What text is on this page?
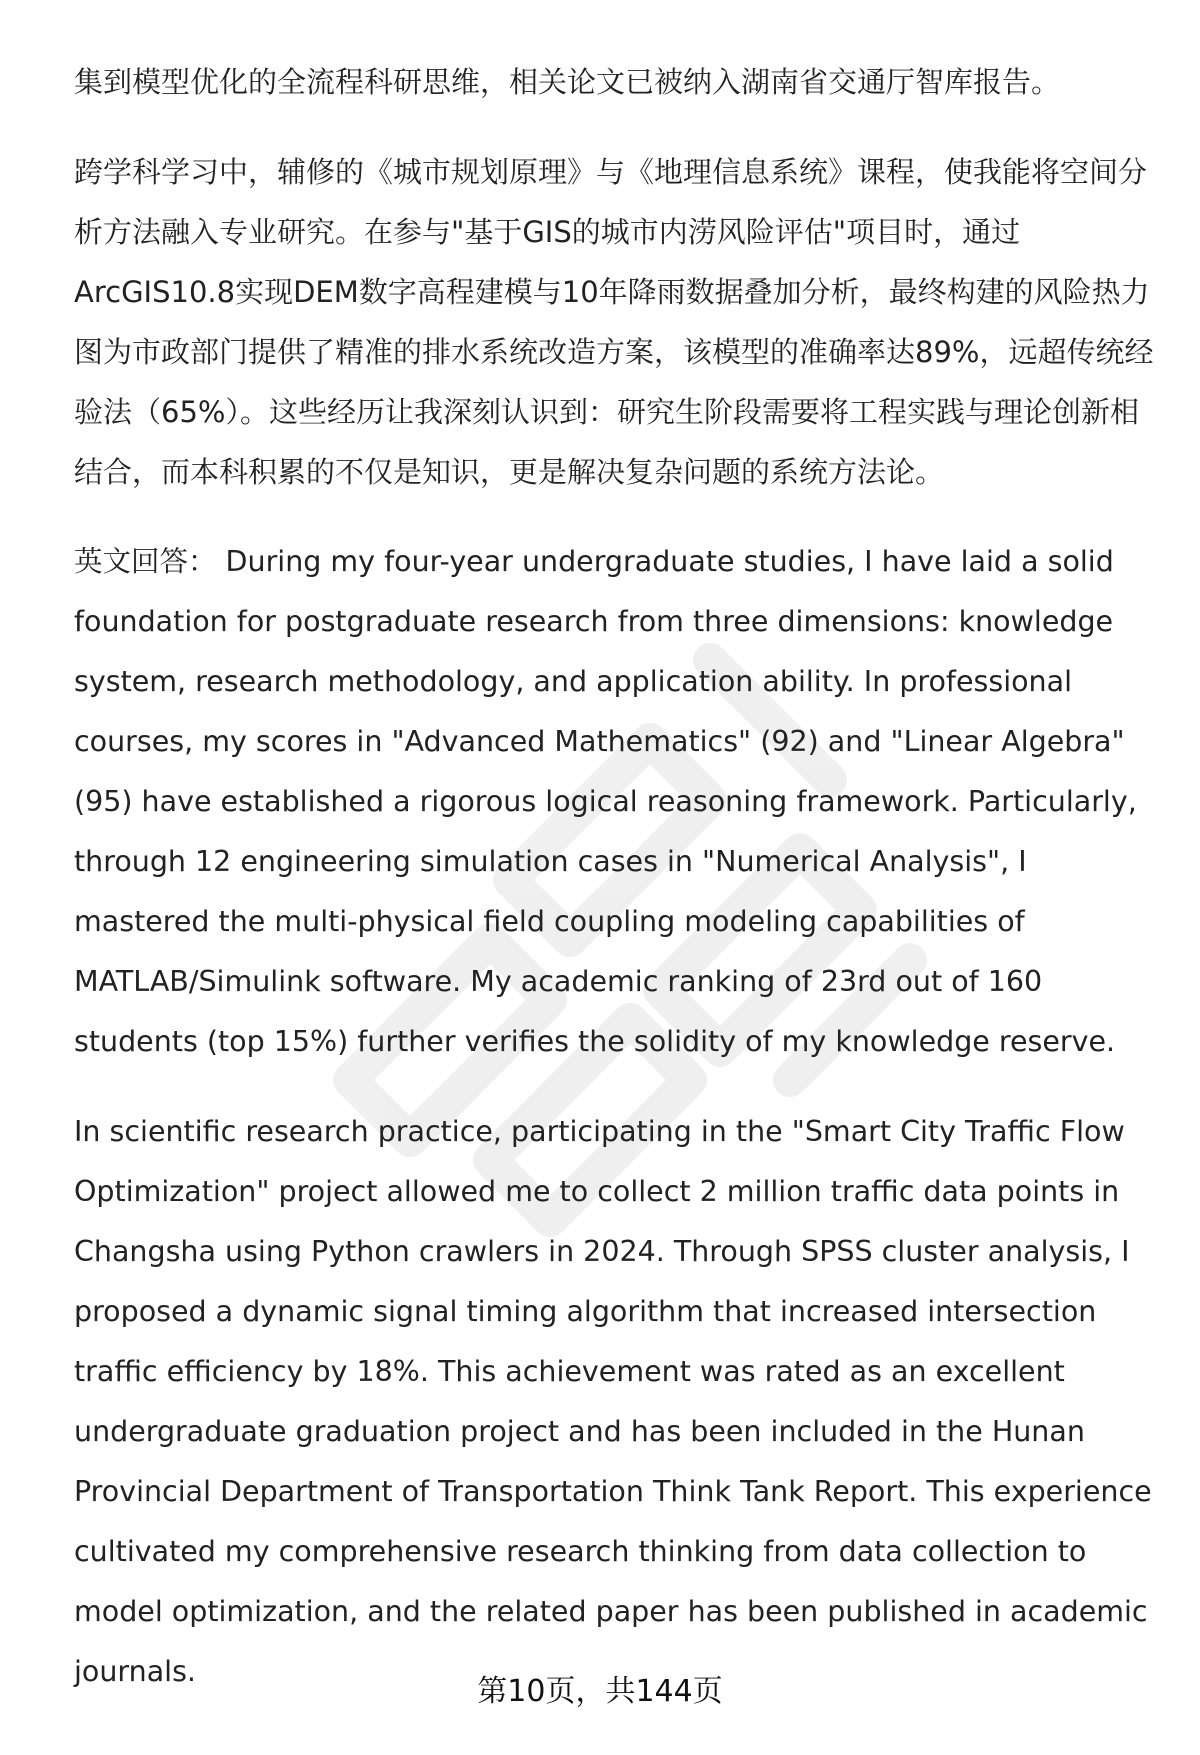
集到模型优化的全流程科研思维，相关论文已被纳入湖南省交通厅智库报告。

跨学科学习中，辅修的《城市规划原理》与《地理信息系统》课程，使我能将空间分析方法融入专业研究。在参与"基于GIS的城市内涝风险评估"项目时，通过ArcGIS10.8实现DEM数字高程建模与10年降雨数据叠加分析，最终构建的风险热力图为市政部门提供了精准的排水系统改造方案，该模型的准确率达89%，远超传统经验法（65%）。这些经历让我深刻认识到：研究生阶段需要将工程实践与理论创新相结合，而本科积累的不仅是知识，更是解决复杂问题的系统方法论。

英文回答： During my four-year undergraduate studies, I have laid a solid foundation for postgraduate research from three dimensions: knowledge system, research methodology, and application ability. In professional courses, my scores in "Advanced Mathematics" (92) and "Linear Algebra" (95) have established a rigorous logical reasoning framework. Particularly, through 12 engineering simulation cases in "Numerical Analysis", I mastered the multi-physical field coupling modeling capabilities of MATLAB/Simulink software. My academic ranking of 23rd out of 160 students (top 15%) further verifies the solidity of my knowledge reserve.

In scientific research practice, participating in the "Smart City Traffic Flow Optimization" project allowed me to collect 2 million traffic data points in Changsha using Python crawlers in 2024. Through SPSS cluster analysis, I proposed a dynamic signal timing algorithm that increased intersection traffic efficiency by 18%. This achievement was rated as an excellent undergraduate graduation project and has been included in the Hunan Provincial Department of Transportation Think Tank Report. This experience cultivated my comprehensive research thinking from data collection to model optimization, and the related paper has been published in academic journals.

第10页，共144页
